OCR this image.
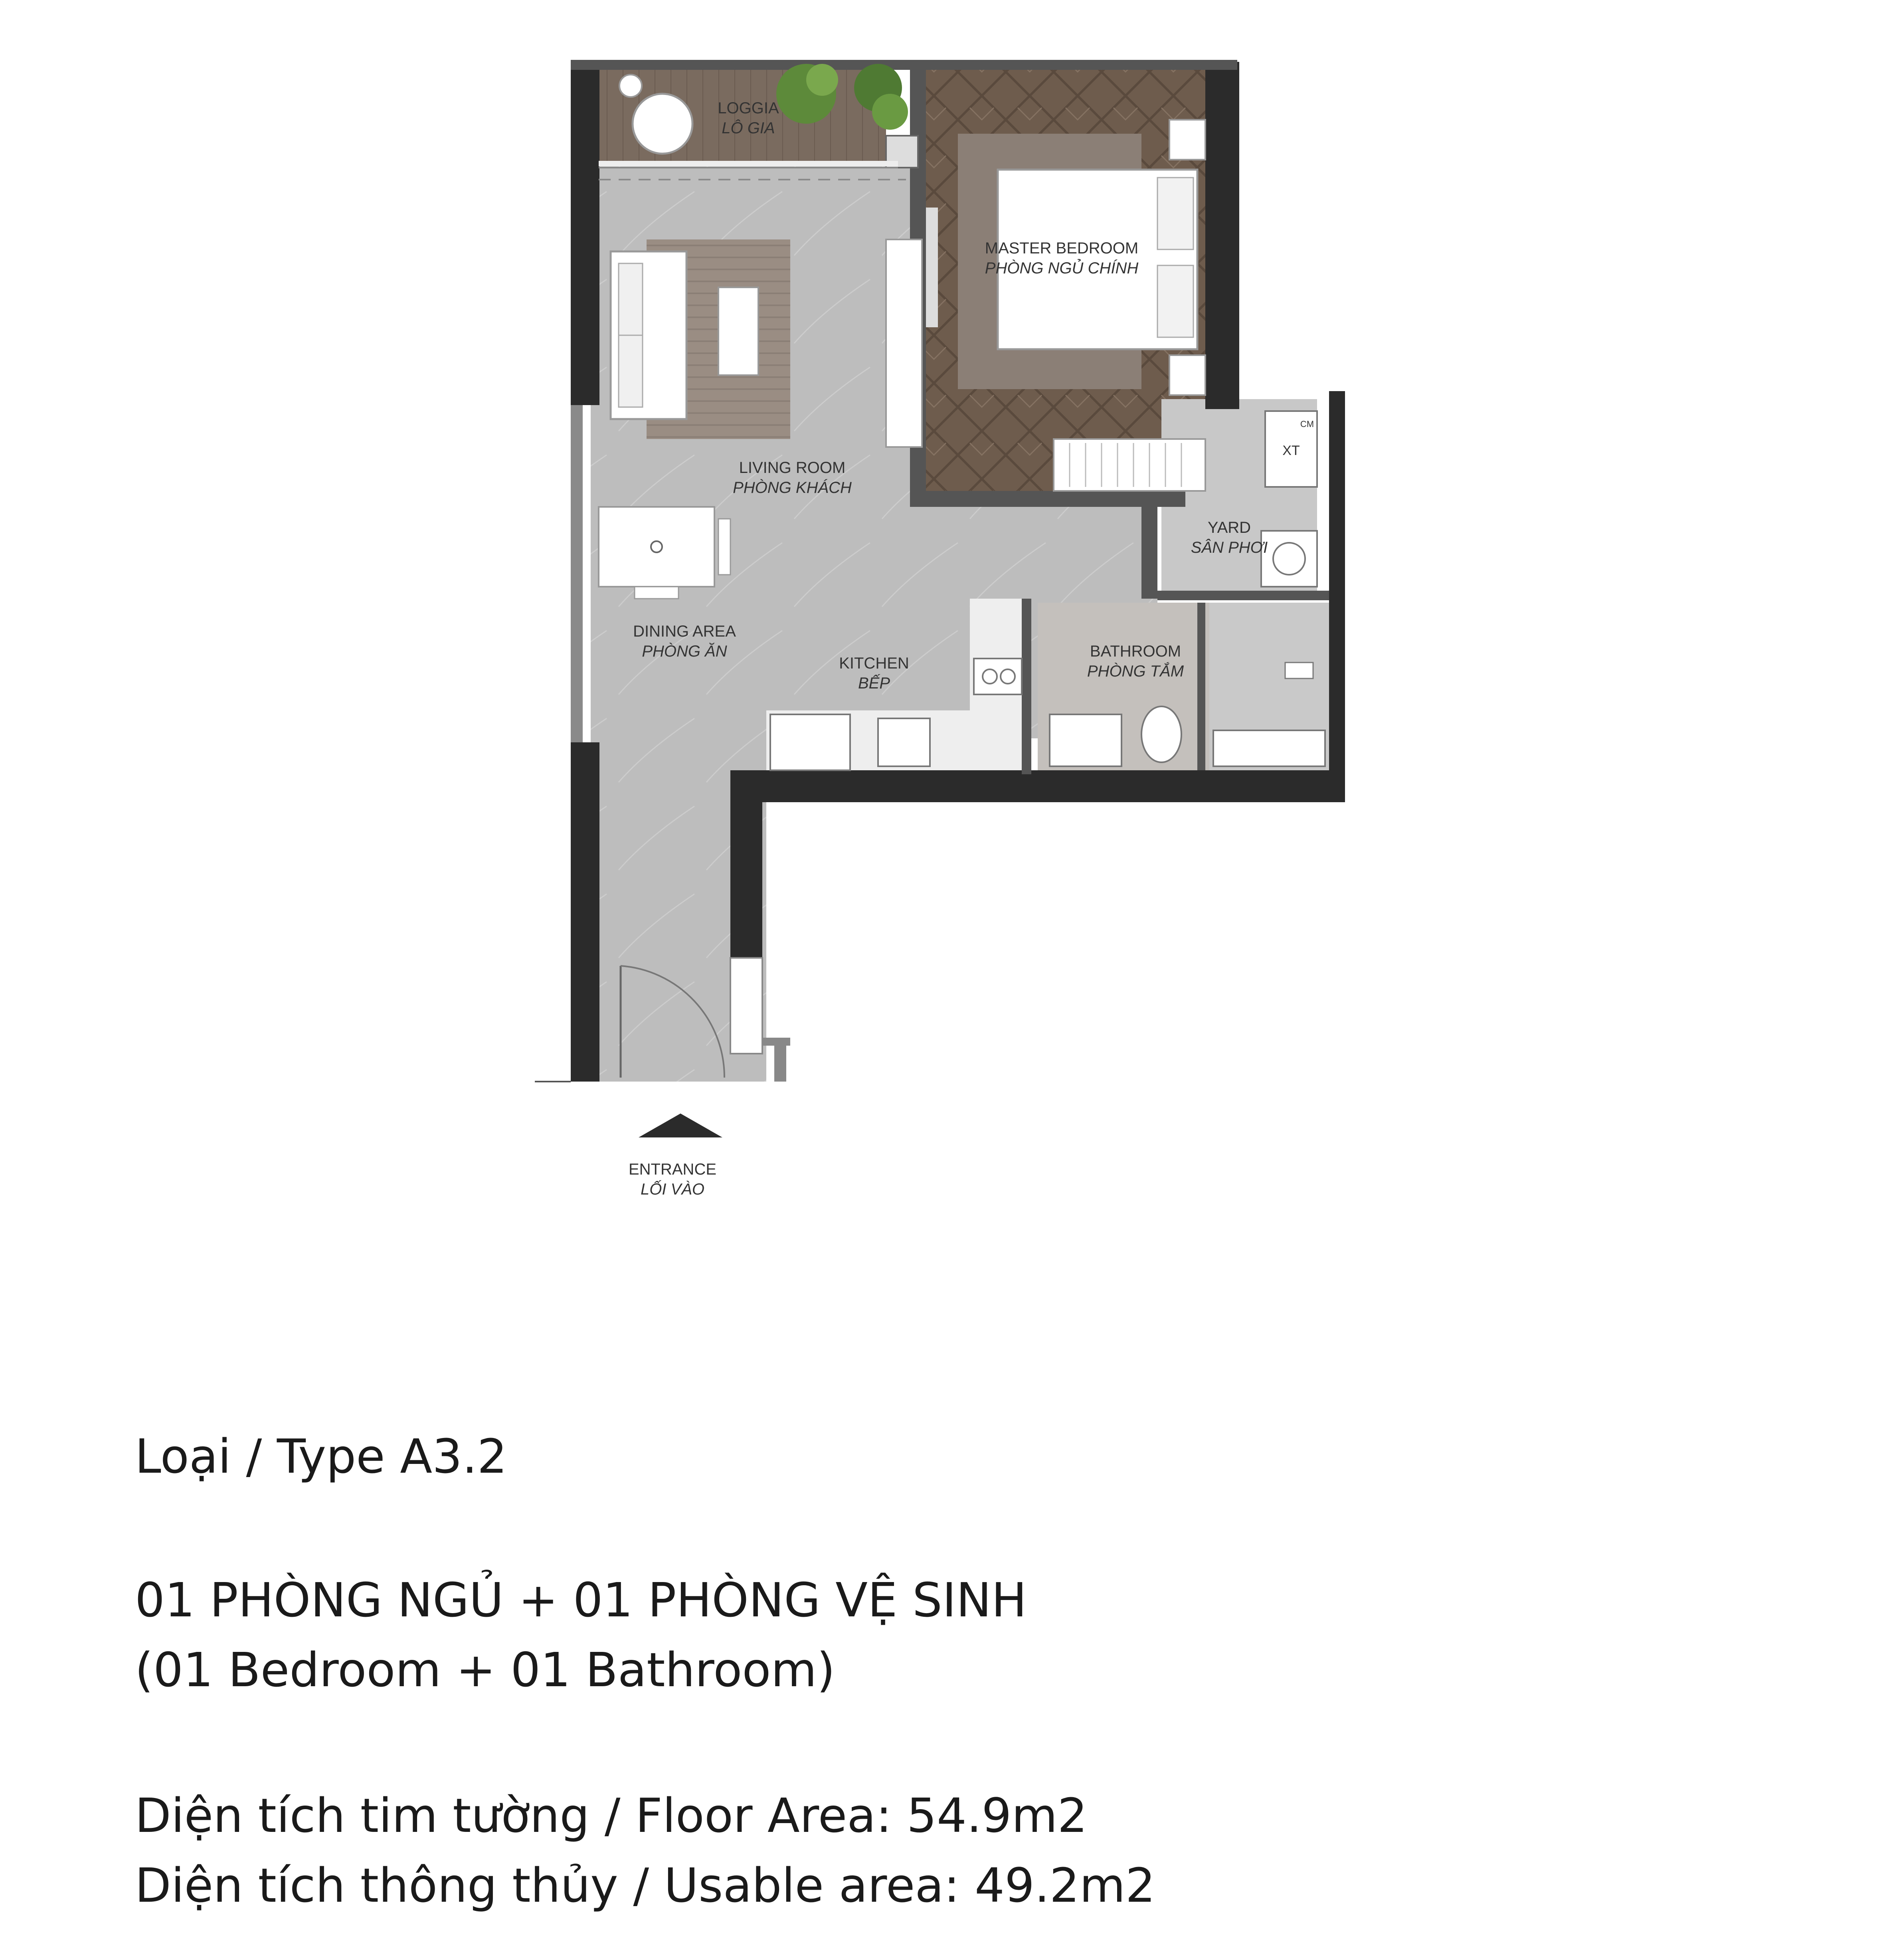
XT
CM
LOGGIA
LÔ GIA
MASTER BEDROOM
PHÒNG NGỦ CHÍNH
LIVING ROOM
PHÒNG KHÁCH
YARD
SÂN PHƠI
DINING AREA
PHÒNG ĂN
KITCHEN
BẾP
BATHROOM
PHÒNG TẮM
ENTRANCE
LỐI VÀO
Loại / Type A3.2
01 PHÒNG NGỦ + 01 PHÒNG VỆ SINH
(01 Bedroom + 01 Bathroom)
Diện tích tim tường / Floor Area: 54.9m2
Diện tích thông thủy / Usable area: 49.2m2
